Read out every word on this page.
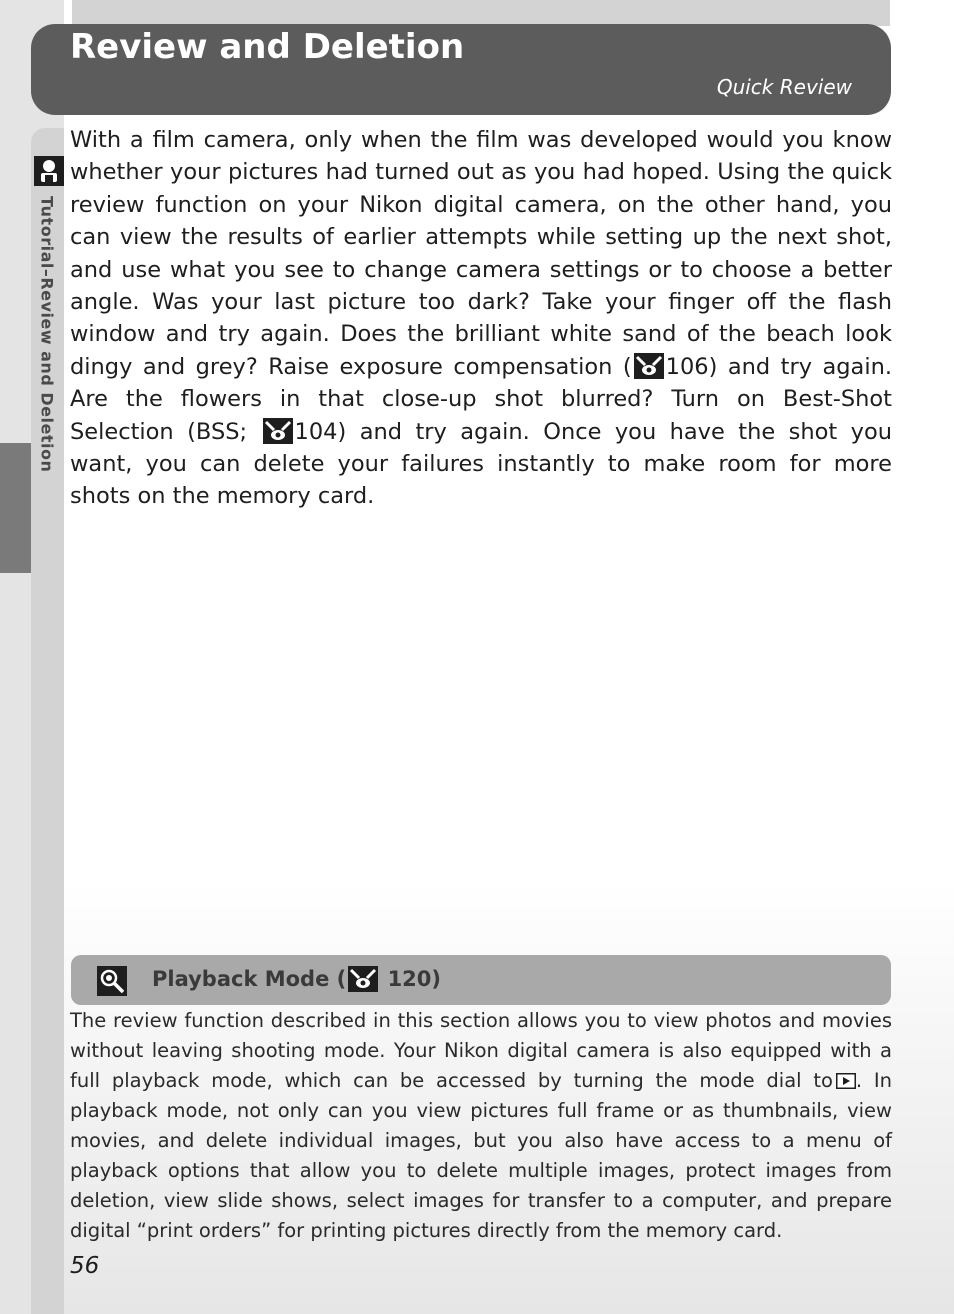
Review and Deletion

Quick Review

Tutorial–Review and Deletion

With a film camera, only when the film was developed would you know whether your pictures had turned out as you had hoped. Using the quick review function on your Nikon digital camera, on the other hand, you can view the results of earlier attempts while setting up the next shot, and use what you see to change camera settings or to choose a better angle. Was your last picture too dark? Take your finger off the flash window and try again. Does the brilliant white sand of the beach look dingy and grey? Raise exposure compensation ( 106) and try again. Are the flowers in that close-up shot blurred? Turn on Best-Shot Selection (BSS; 104) and try again. Once you have the shot you want, you can delete your failures instantly to make room for more shots on the memory card.

Playback Mode ( 120)

The review function described in this section allows you to view photos and movies without leaving shooting mode. Your Nikon digital camera is also equipped with a full playback mode, which can be accessed by turning the mode dial to . In playback mode, not only can you view pictures full frame or as thumbnails, view movies, and delete individual images, but you also have access to a menu of playback options that allow you to delete multiple images, protect images from deletion, view slide shows, select images for transfer to a computer, and prepare digital “print orders” for printing pictures directly from the memory card.

56
